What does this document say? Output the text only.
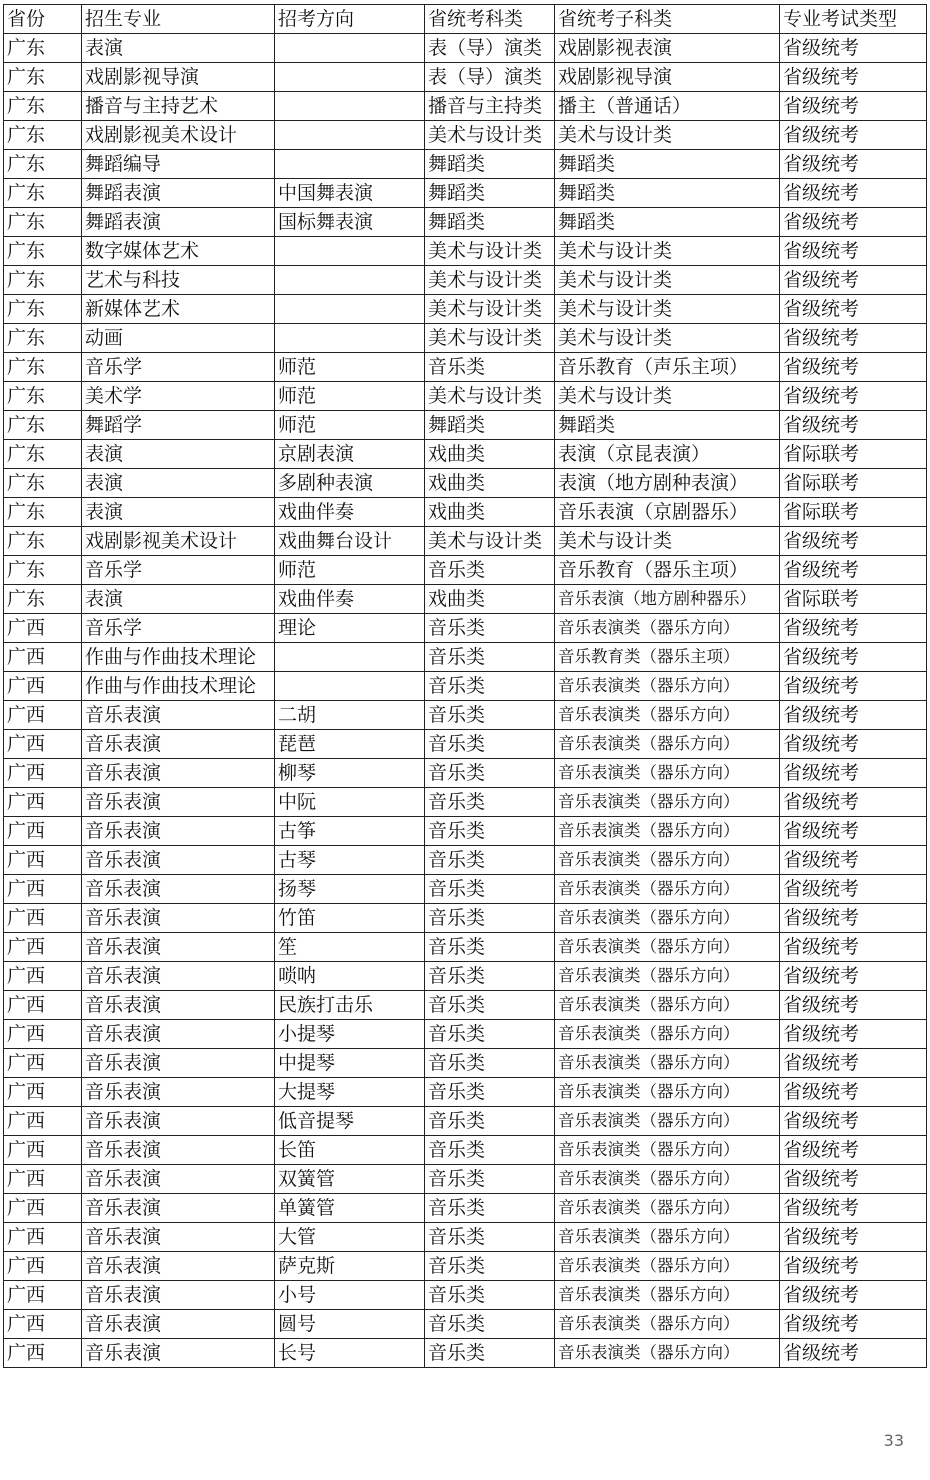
省份	招生专业	招考方向	省统考科类	省统考子科类	专业考试类型
广东	表演		表（导）演类	戏剧影视表演	省级统考
广东	戏剧影视导演		表（导）演类	戏剧影视导演	省级统考
广东	播音与主持艺术		播音与主持类	播主（普通话）	省级统考
广东	戏剧影视美术设计		美术与设计类	美术与设计类	省级统考
广东	舞蹈编导		舞蹈类	舞蹈类	省级统考
广东	舞蹈表演	中国舞表演	舞蹈类	舞蹈类	省级统考
广东	舞蹈表演	国标舞表演	舞蹈类	舞蹈类	省级统考
广东	数字媒体艺术		美术与设计类	美术与设计类	省级统考
广东	艺术与科技		美术与设计类	美术与设计类	省级统考
广东	新媒体艺术		美术与设计类	美术与设计类	省级统考
广东	动画		美术与设计类	美术与设计类	省级统考
广东	音乐学	师范	音乐类	音乐教育（声乐主项）	省级统考
广东	美术学	师范	美术与设计类	美术与设计类	省级统考
广东	舞蹈学	师范	舞蹈类	舞蹈类	省级统考
广东	表演	京剧表演	戏曲类	表演（京昆表演）	省际联考
广东	表演	多剧种表演	戏曲类	表演（地方剧种表演）	省际联考
广东	表演	戏曲伴奏	戏曲类	音乐表演（京剧器乐）	省际联考
广东	戏剧影视美术设计	戏曲舞台设计	美术与设计类	美术与设计类	省级统考
广东	音乐学	师范	音乐类	音乐教育（器乐主项）	省级统考
广东	表演	戏曲伴奏	戏曲类	音乐表演（地方剧种器乐）	省际联考
广西	音乐学	理论	音乐类	音乐表演类（器乐方向）	省级统考
广西	作曲与作曲技术理论		音乐类	音乐教育类（器乐主项）	省级统考
广西	作曲与作曲技术理论		音乐类	音乐表演类（器乐方向）	省级统考
广西	音乐表演	二胡	音乐类	音乐表演类（器乐方向）	省级统考
广西	音乐表演	琵琶	音乐类	音乐表演类（器乐方向）	省级统考
广西	音乐表演	柳琴	音乐类	音乐表演类（器乐方向）	省级统考
广西	音乐表演	中阮	音乐类	音乐表演类（器乐方向）	省级统考
广西	音乐表演	古筝	音乐类	音乐表演类（器乐方向）	省级统考
广西	音乐表演	古琴	音乐类	音乐表演类（器乐方向）	省级统考
广西	音乐表演	扬琴	音乐类	音乐表演类（器乐方向）	省级统考
广西	音乐表演	竹笛	音乐类	音乐表演类（器乐方向）	省级统考
广西	音乐表演	笙	音乐类	音乐表演类（器乐方向）	省级统考
广西	音乐表演	唢呐	音乐类	音乐表演类（器乐方向）	省级统考
广西	音乐表演	民族打击乐	音乐类	音乐表演类（器乐方向）	省级统考
广西	音乐表演	小提琴	音乐类	音乐表演类（器乐方向）	省级统考
广西	音乐表演	中提琴	音乐类	音乐表演类（器乐方向）	省级统考
广西	音乐表演	大提琴	音乐类	音乐表演类（器乐方向）	省级统考
广西	音乐表演	低音提琴	音乐类	音乐表演类（器乐方向）	省级统考
广西	音乐表演	长笛	音乐类	音乐表演类（器乐方向）	省级统考
广西	音乐表演	双簧管	音乐类	音乐表演类（器乐方向）	省级统考
广西	音乐表演	单簧管	音乐类	音乐表演类（器乐方向）	省级统考
广西	音乐表演	大管	音乐类	音乐表演类（器乐方向）	省级统考
广西	音乐表演	萨克斯	音乐类	音乐表演类（器乐方向）	省级统考
广西	音乐表演	小号	音乐类	音乐表演类（器乐方向）	省级统考
广西	音乐表演	圆号	音乐类	音乐表演类（器乐方向）	省级统考
广西	音乐表演	长号	音乐类	音乐表演类（器乐方向）	省级统考
33
